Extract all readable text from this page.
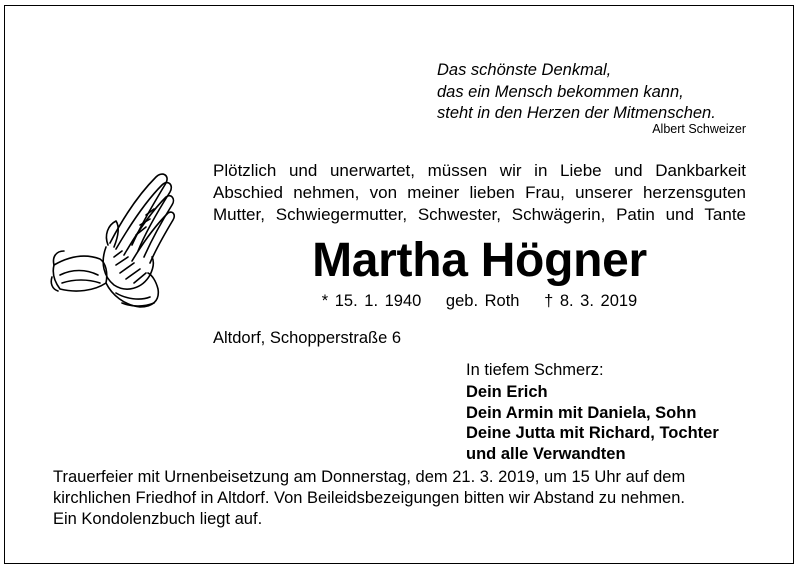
Das schönste Denkmal,
das ein Mensch bekommen kann,
steht in den Herzen der Mitmenschen.
Albert Schweizer
Plötzlich und unerwartet, müssen wir in Liebe und Dankbarkeit
Abschied nehmen, von meiner lieben Frau, unserer herzensguten
Mutter, Schwiegermutter, Schwester, Schwägerin, Patin und Tante
Martha Högner
* 15. 1. 1940 geb. Roth † 8. 3. 2019
Altdorf, Schopperstraße 6
In tiefem Schmerz:
Dein Erich
Dein Armin mit Daniela, Sohn
Deine Jutta mit Richard, Tochter
und alle Verwandten
Trauerfeier mit Urnenbeisetzung am Donnerstag, dem 21. 3. 2019, um 15 Uhr auf dem
kirchlichen Friedhof in Altdorf. Von Beileidsbezeigungen bitten wir Abstand zu nehmen.
Ein Kondolenzbuch liegt auf.
